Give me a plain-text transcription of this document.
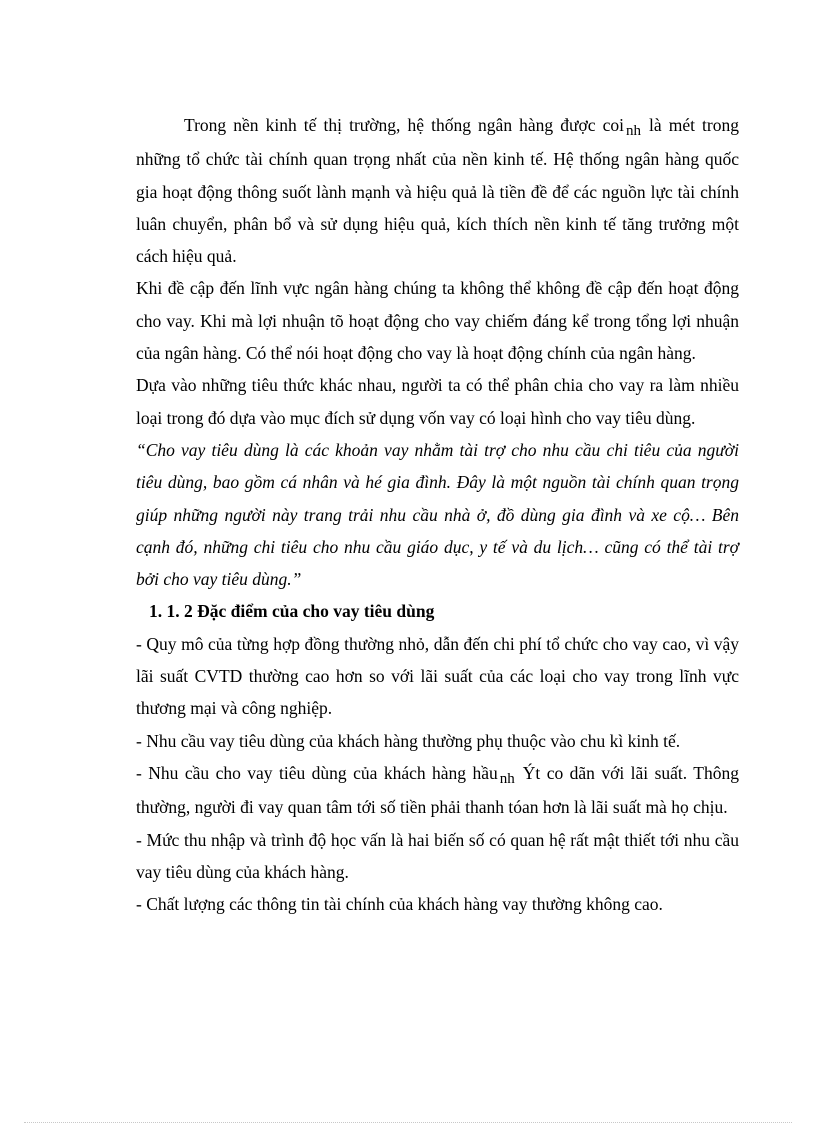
Trong nền kinh tế thị trường, hệ thống ngân hàng được coi nh là mét trong những tổ chức tài chính quan trọng nhất của nền kinh tế. Hệ thống ngân hàng quốc gia hoạt động thông suốt lành mạnh và hiệu quả là tiền đề để các nguồn lực tài chính luân chuyển, phân bổ và sử dụng hiệu quả, kích thích nền kinh tế tăng trưởng một cách hiệu quả.

Khi đề cập đến lĩnh vực ngân hàng chúng ta không thể không đề cập đến hoạt động cho vay. Khi mà lợi nhuận tõ hoạt động cho vay chiếm đáng kể trong tổng lợi nhuận của ngân hàng. Có thể nói hoạt động cho vay là hoạt động chính của ngân hàng.

Dựa vào những tiêu thức khác nhau, người ta có thể phân chia cho vay ra làm nhiều loại trong đó dựa vào mục đích sử dụng vốn vay có loại hình cho vay tiêu dùng.

“Cho vay tiêu dùng là các khoản vay nhằm tài trợ cho nhu cầu chi tiêu của người tiêu dùng, bao gồm cá nhân và hé gia đình. Đây là một nguồn tài chính quan trọng giúp những người này trang trải nhu cầu nhà ở, đồ dùng gia đình và xe cộ… Bên cạnh đó, những chi tiêu cho nhu cầu giáo dục, y tế và du lịch… cũng có thể tài trợ bởi cho vay tiêu dùng.”

1. 1. 2 Đặc điểm của cho vay tiêu dùng

- Quy mô của từng hợp đồng thường nhỏ, dẫn đến chi phí tổ chức cho vay cao, vì vậy lãi suất CVTD thường cao hơn so với lãi suất của các loại cho vay trong lĩnh vực thương mại và công nghiệp.

- Nhu cầu vay tiêu dùng của khách hàng thường phụ thuộc vào chu kì kinh tế.

- Nhu cầu cho vay tiêu dùng của khách hàng hầu nh Ýt co dãn với lãi suất. Thông thường, người đi vay quan tâm tới số tiền phải thanh tóan hơn là lãi suất mà họ chịu.

- Mức thu nhập và trình độ học vấn là hai biến số có quan hệ rất mật thiết tới nhu cầu vay tiêu dùng của khách hàng.

- Chất lượng các thông tin tài chính của khách hàng vay thường không cao.
